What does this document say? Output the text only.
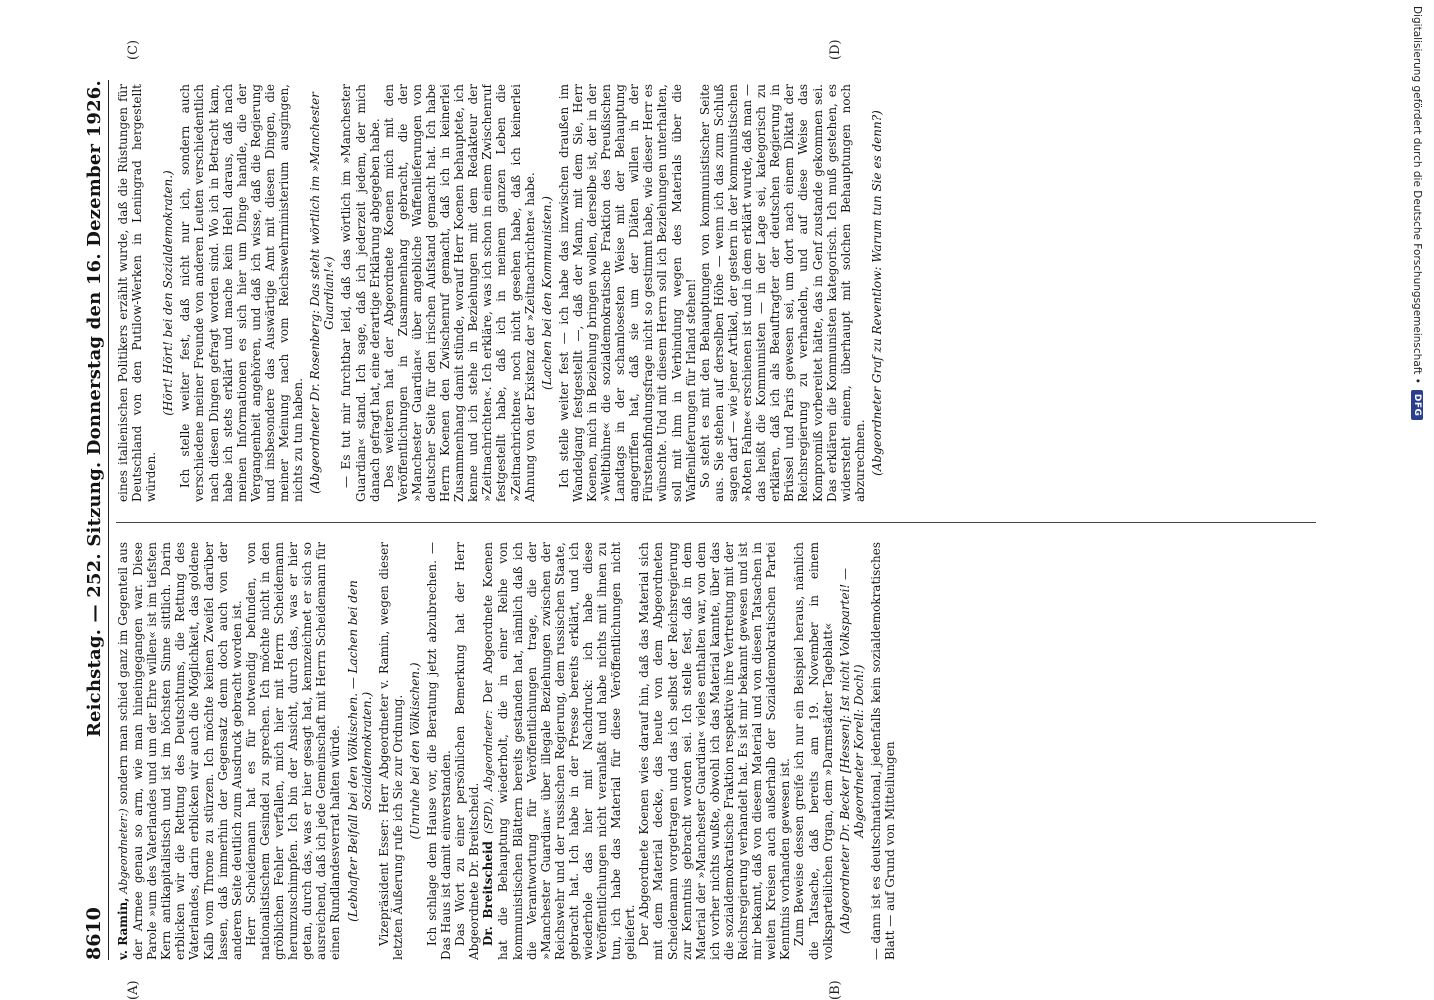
8610
Reichstag. — 252. Sitzung. Donnerstag den 16. Dezember 1926.
(A)	(B)
(C)	(D)

v. Ramin, Abgeordneter:) sondern man schied ganz im Gegenteil aus der Armee genau so arm, wie man hineingegangen war. Diese Parole »um des Vaterlandes und um der Ehre willen« ist im tiefsten Kern antikapitalistisch und ist im höchsten Sinne sittlich. Darin erblicken wir die Rettung des Deutschtums, die Rettung des Vaterlandes, darin erblicken wir auch die Möglichkeit, das goldene Kalb vom Throne zu stürzen. Ich möchte keinen Zweifel darüber lassen, daß immerhin der Gegensatz denn doch auch von der anderen Seite deutlich zum Ausdruck gebracht worden ist. Herr Scheidemann hat es für notwendig befunden, von nationalistischem Gesindel zu sprechen. Ich möchte nicht in den gröblichen Fehler verfallen, mich hier mit Herrn Scheidemann herumzuschimpfen. Ich bin der Ansicht, durch das, was er hier getan, durch das, was er hier gesagt hat, kennzeichnet er sich so ausreichend, daß ich jede Gemeinschaft mit Herrn Scheidemann für einen Rundlandesverrat halten würde. (Lebhafter Beifall bei den Völkischen. — Lachen bei den Sozialdemokraten.) Vizepräsident Esser: Herr Abgeordneter v. Ramin, wegen dieser letzten Äußerung rufe ich Sie zur Ordnung. (Unruhe bei den Völkischen.) Ich schlage dem Hause vor, die Beratung jetzt abzubrechen. — Das Haus ist damit einverstanden. Das Wort zu einer persönlichen Bemerkung hat der Herr Abgeordnete Dr. Breitscheid. Dr. Breitscheid (SPD), Abgeordneter: Der Abgeordnete Koenen hat die Behauptung wiederholt, die in einer Reihe von kommunistischen Blättern bereits gestanden hat, nämlich daß ich die Verantwortung für Veröffentlichungen trage, die der »Manchester Guardian« über illegale Beziehungen zwischen der Reichswehr und der russischen Regierung, dem russischen Staate, gebracht hat. Ich habe in der Presse bereits erklärt, und ich wiederhole das hier mit Nachdruck: ich habe diese Veröffentlichungen nicht veranlaßt und habe nichts mit ihnen zu tun, ich habe das Material für diese Veröffentlichungen nicht geliefert. Der Abgeordnete Koenen wies darauf hin, daß das Material sich mit dem Material decke, das heute von dem Abgeordneten Scheidemann vorgetragen und das ich selbst der Reichsregierung zur Kenntnis gebracht worden sei. Ich stelle fest, daß in dem Material der »Manchester Guardian« vieles enthalten war, von dem ich vorher nichts wußte, obwohl ich das Material kannte, über das die sozialdemokratische Fraktion respektive ihre Vertretung mit der Reichsregierung verhandelt hat. Es ist mir bekannt gewesen und ist mir bekannt, daß von diesem Material und von diesen Tatsachen in weiten Kreisen auch außerhalb der Sozialdemokratischen Partei Kenntnis vorhanden gewesen ist. Zum Beweise dessen greife ich nur ein Beispiel heraus, nämlich die Tatsache, daß bereits am 19. November in einem volksparteilichen Organ, dem »Darmstädter Tageblatt« (Abgeordneter Dr. Becker [Hessen]: Ist nicht Volkspartei! — Abgeordneter Korell: Doch!) — dann ist es deutschnational, jedenfalls kein sozialdemokratisches Blatt — auf Grund von Mitteilungen

eines italienischen Politikers erzählt wurde, daß die Rüstungen für Deutschland von den Putilow-Werken in Leningrad hergestellt würden.

(Hört! Hört! bei den Sozialdemokraten.) Ich stelle weiter fest, daß nicht nur ich, sondern auch verschiedene meiner Freunde von anderen Leuten verschiedentlich nach diesen Dingen gefragt worden sind. Wo ich in Betracht kam, habe ich stets erklärt und mache kein Hehl daraus, daß nach meinen Informationen es sich hier um Dinge handle, die der Vergangenheit angehören, und daß ich wisse, daß die Regierung und insbesondere das Auswärtige Amt mit diesen Dingen, die meiner Meinung nach vom Reichswehrministerium ausgingen, nichts zu tun haben. (Abgeordneter Dr. Rosenberg: Das steht wörtlich im »Manchester Guardian!«) — Es tut mir furchtbar leid, daß das wörtlich im »Manchester Guardian« stand. Ich sage, daß ich jederzeit jedem, der mich danach gefragt hat, eine derartige Erklärung abgegeben habe. Des weiteren hat der Abgeordnete Koenen mich mit den Veröffentlichungen in Zusammenhang gebracht, die der »Manchester Guardian« über angebliche Waffenlieferungen von deutscher Seite für den irischen Aufstand gemacht hat. Ich habe Herrn Koenen den Zwischenruf gemacht, daß ich in keinerlei Zusammenhang damit stünde, worauf Herr Koenen behauptete, ich kenne und ich stehe in Beziehungen mit dem Redakteur der »Zeitnachrichten«. Ich erkläre, was ich schon in einem Zwischenruf festgestellt habe, daß ich in meinem ganzen Leben die »Zeitnachrichten« noch nicht gesehen habe, daß ich keinerlei Ahnung von der Existenz der »Zeitnachrichten« habe. (Lachen bei den Kommunisten.) Ich stelle weiter fest — ich habe das inzwischen draußen im Wandelgang festgestellt —, daß der Mann, mit dem Sie, Herr Koenen, mich in Beziehung bringen wollen, derselbe ist, der in der »Weltbühne« die sozialdemokratische Fraktion des Preußischen Landtags in der schamlosesten Weise mit der Behauptung angegriffen hat, daß sie um der Diäten willen in der Fürstenabfindungsfrage nicht so gestimmt habe, wie dieser Herr es wünschte. Und mit diesem Herrn soll ich Beziehungen unterhalten, soll mit ihm in Verbindung wegen des Materials über die Waffenlieferungen für Irland stehen! So steht es mit den Behauptungen von kommunistischer Seite aus. Sie stehen auf derselben Höhe — wenn ich das zum Schluß sagen darf — wie jener Artikel, der gestern in der kommunistischen »Roten Fahne« erschienen ist und in dem erklärt wurde, daß man — das heißt die Kommunisten — in der Lage sei, kategorisch zu erklären, daß ich als Beauftragter der deutschen Regierung in Brüssel und Paris gewesen sei, um dort nach einem Diktat der Reichsregierung zu verhandeln, und auf diese Weise das Kompromiß vorbereitet hätte, das in Genf zustande gekommen sei. Das erklären die Kommunisten kategorisch. Ich muß gestehen, es widersteht einem, überhaupt mit solchen Behauptungen noch abzurechnen. (Abgeordneter Graf zu Reventlow: Warum tun Sie es denn?)	Digitalisierung gefördert durch die Deutsche Forschungsgemeinschaft •
DFG
